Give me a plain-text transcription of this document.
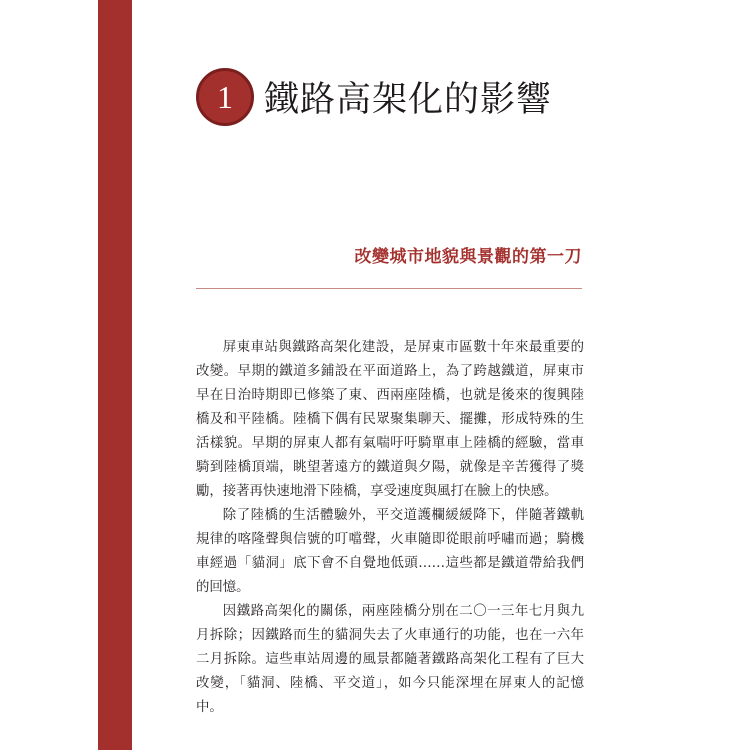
1 鐵路高架化的影響
改變城市地貌與景觀的第一刀

屏東車站與鐵路高架化建設，是屏東市區數十年來最重要的改變。早期的鐵道多鋪設在平面道路上，為了跨越鐵道，屏東市早在日治時期即已修築了東、西兩座陸橋，也就是後來的復興陸橋及和平陸橋。陸橋下偶有民眾聚集聊天、擺攤，形成特殊的生活樣貌。早期的屏東人都有氣喘吁吁騎單車上陸橋的經驗，當車騎到陸橋頂端，眺望著遠方的鐵道與夕陽，就像是辛苦獲得了獎勵，接著再快速地滑下陸橋，享受速度與風打在臉上的快感。

除了陸橋的生活體驗外，平交道護欄緩緩降下，伴隨著鐵軌規律的喀隆聲與信號的叮噹聲，火車隨即從眼前呼嘯而過；騎機車經過「貓洞」底下會不自覺地低頭……這些都是鐵道帶給我們的回憶。

因鐵路高架化的關係，兩座陸橋分別在二〇一三年七月與九月拆除；因鐵路而生的貓洞失去了火車通行的功能，也在一六年二月拆除。這些車站周邊的風景都隨著鐵路高架化工程有了巨大改變，「貓洞、陸橋、平交道」，如今只能深埋在屏東人的記憶中。
